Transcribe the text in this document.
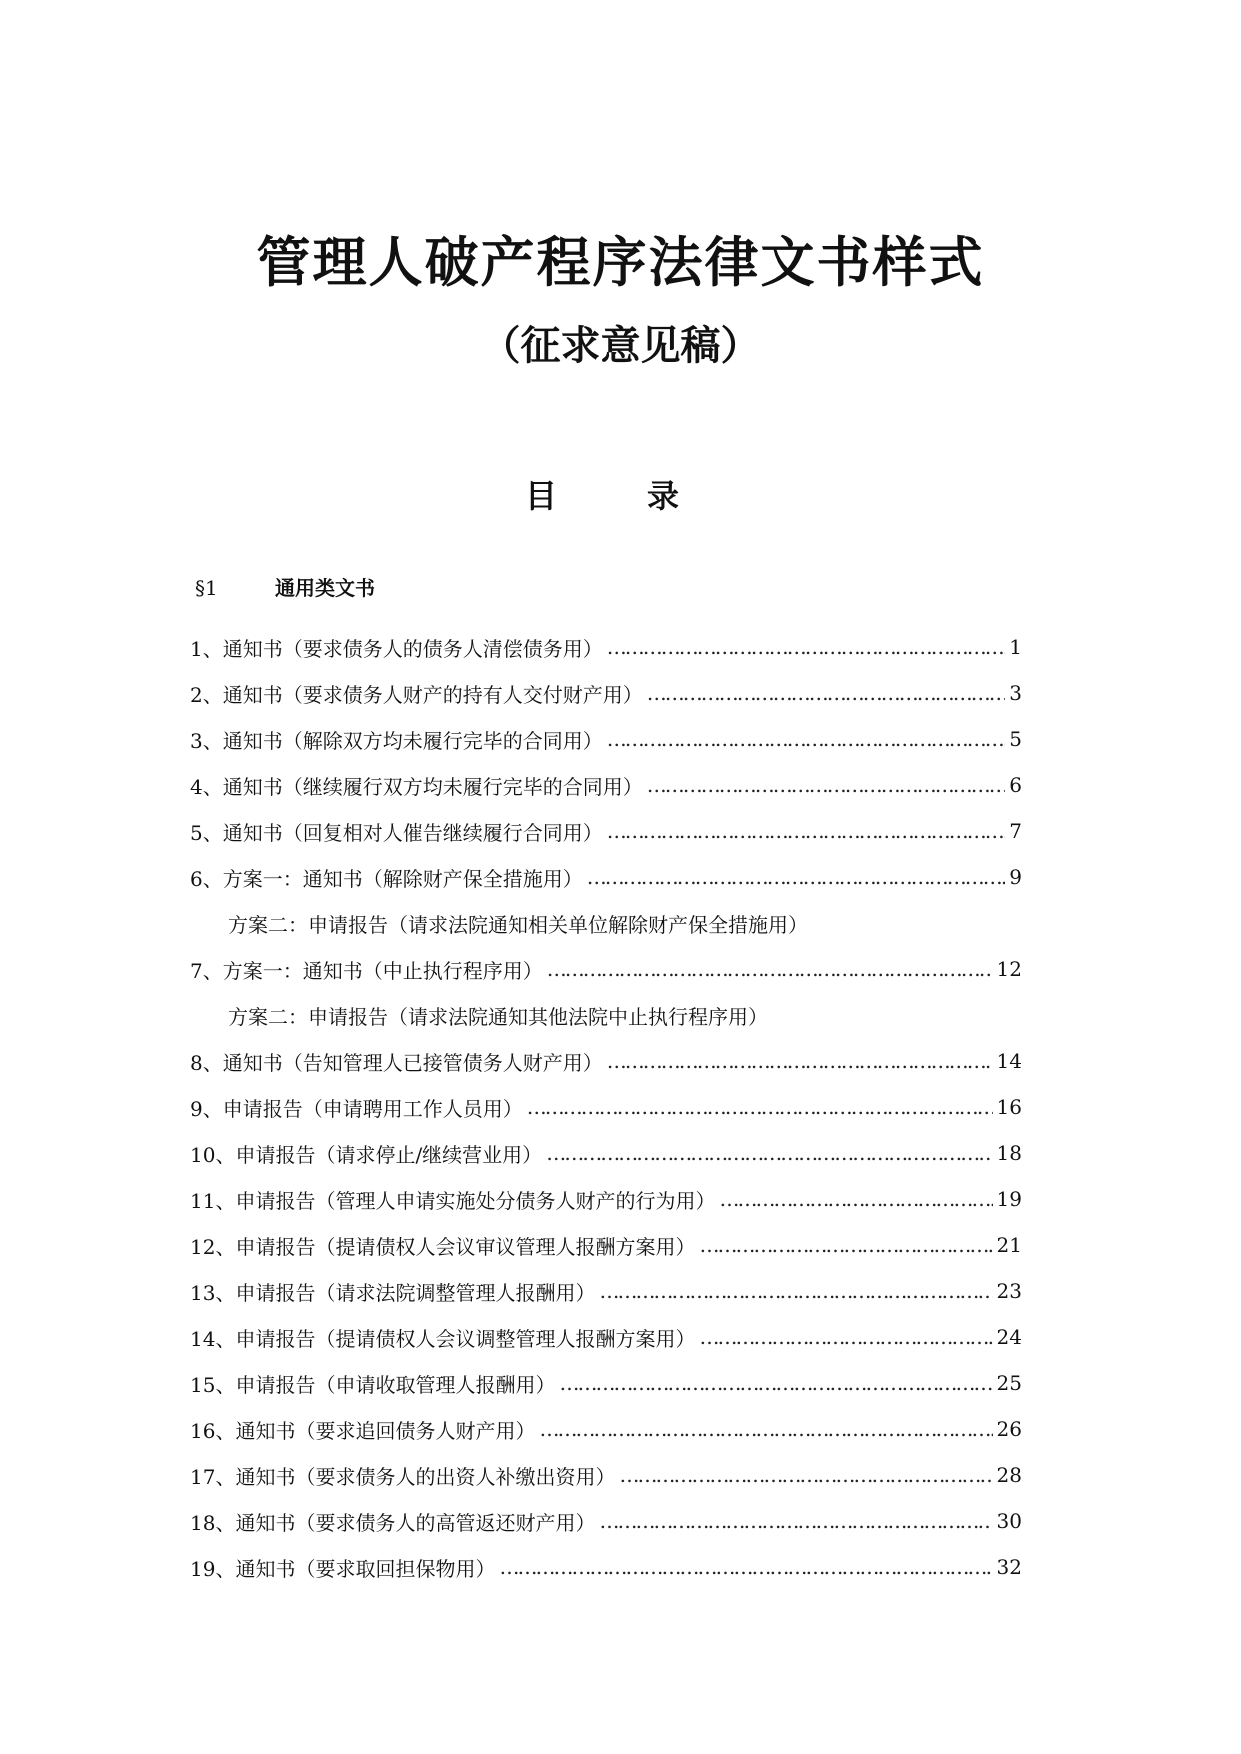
管理人破产程序法律文书样式
（征求意见稿）
目	录
§1	通用类文书
1、通知书（要求债务人的债务人清偿债务用） ……………………………………………………………………………………………………………………………………………………………………………………	1
2、通知书（要求债务人财产的持有人交付财产用） ……………………………………………………………………………………………………………………………………………………………………………………	3
3、通知书（解除双方均未履行完毕的合同用） ……………………………………………………………………………………………………………………………………………………………………………………	5
4、通知书（继续履行双方均未履行完毕的合同用） ……………………………………………………………………………………………………………………………………………………………………………………	6
5、通知书（回复相对人催告继续履行合同用） ……………………………………………………………………………………………………………………………………………………………………………………	7
6、方案一：通知书（解除财产保全措施用） ……………………………………………………………………………………………………………………………………………………………………………………	9
方案二：申请报告（请求法院通知相关单位解除财产保全措施用）
7、方案一：通知书（中止执行程序用） ……………………………………………………………………………………………………………………………………………………………………………………	12
方案二：申请报告（请求法院通知其他法院中止执行程序用）
8、通知书（告知管理人已接管债务人财产用） ……………………………………………………………………………………………………………………………………………………………………………………	14
9、申请报告（申请聘用工作人员用） ……………………………………………………………………………………………………………………………………………………………………………………	16
10、申请报告（请求停止/继续营业用） ……………………………………………………………………………………………………………………………………………………………………………………	18
11、申请报告（管理人申请实施处分债务人财产的行为用） ……………………………………………………………………………………………………………………………………………………………………………………	19
12、申请报告（提请债权人会议审议管理人报酬方案用） ……………………………………………………………………………………………………………………………………………………………………………………	21
13、申请报告（请求法院调整管理人报酬用） ……………………………………………………………………………………………………………………………………………………………………………………	23
14、申请报告（提请债权人会议调整管理人报酬方案用） ……………………………………………………………………………………………………………………………………………………………………………………	24
15、申请报告（申请收取管理人报酬用） ……………………………………………………………………………………………………………………………………………………………………………………	25
16、通知书（要求追回债务人财产用） ……………………………………………………………………………………………………………………………………………………………………………………	26
17、通知书（要求债务人的出资人补缴出资用） ……………………………………………………………………………………………………………………………………………………………………………………	28
18、通知书（要求债务人的高管返还财产用） ……………………………………………………………………………………………………………………………………………………………………………………	30
19、通知书（要求取回担保物用） ……………………………………………………………………………………………………………………………………………………………………………………	32
